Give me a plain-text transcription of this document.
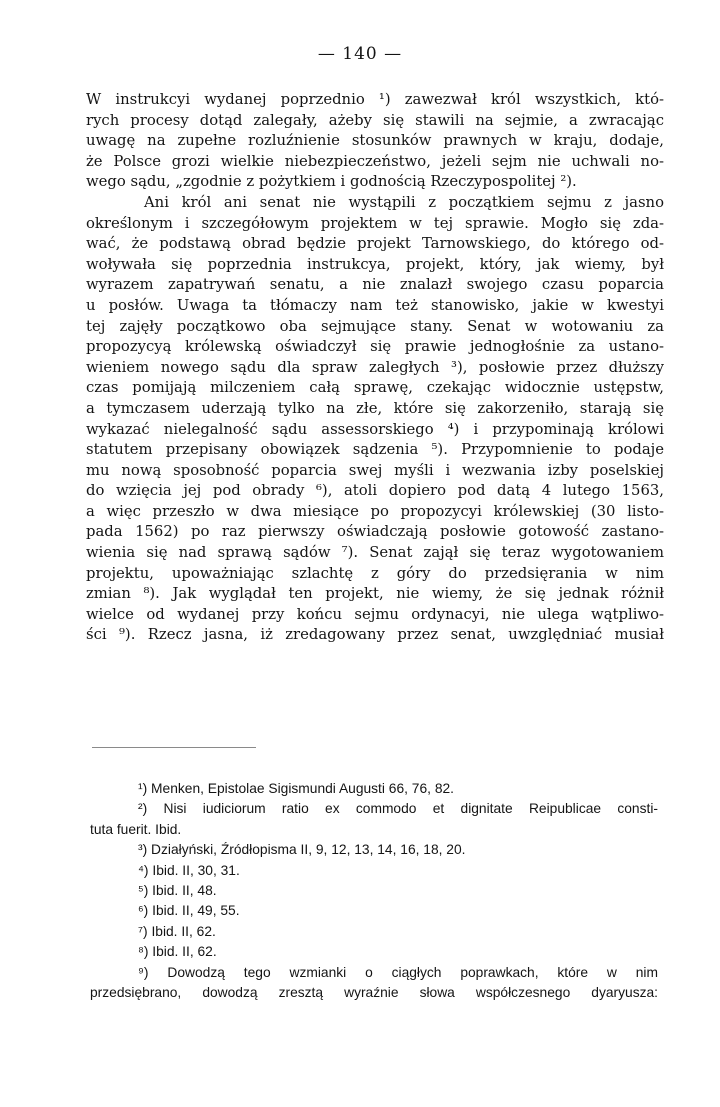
— 140 —
W instrukcyi wydanej poprzednio ¹) zawezwał król wszystkich, któ-
rych procesy dotąd zalegały, ażeby się stawili na sejmie, a zwracając
uwagę na zupełne rozluźnienie stosunków prawnych w kraju, dodaje,
że Polsce grozi wielkie niebezpieczeństwo, jeżeli sejm nie uchwali no-
wego sądu, „zgodnie z pożytkiem i godnością Rzeczypospolitej ²).
Ani król ani senat nie wystąpili z początkiem sejmu z jasno
określonym i szczegółowym projektem w tej sprawie. Mogło się zda-
wać, że podstawą obrad będzie projekt Tarnowskiego, do którego od-
woływała się poprzednia instrukcya, projekt, który, jak wiemy, był
wyrazem zapatrywań senatu, a nie znalazł swojego czasu poparcia
u posłów. Uwaga ta tłómaczy nam też stanowisko, jakie w kwestyi
tej zajęły początkowo oba sejmujące stany. Senat w wotowaniu za
propozycyą królewską oświadczył się prawie jednogłośnie za ustano-
wieniem nowego sądu dla spraw zaległych ³), posłowie przez dłuższy
czas pomijają milczeniem całą sprawę, czekając widocznie ustępstw,
a tymczasem uderzają tylko na złe, które się zakorzeniło, starają się
wykazać nielegalność sądu assessorskiego ⁴) i przypominają królowi
statutem przepisany obowiązek sądzenia ⁵). Przypomnienie to podaje
mu nową sposobność poparcia swej myśli i wezwania izby poselskiej
do wzięcia jej pod obrady ⁶), atoli dopiero pod datą 4 lutego 1563,
a więc przeszło w dwa miesiące po propozycyi królewskiej (30 listo-
pada 1562) po raz pierwszy oświadczają posłowie gotowość zastano-
wienia się nad sprawą sądów ⁷). Senat zajął się teraz wygotowaniem
projektu, upoważniając szlachtę z góry do przedsięrania w nim
zmian ⁸). Jak wyglądał ten projekt, nie wiemy, że się jednak różnił
wielce od wydanej przy końcu sejmu ordynacyi, nie ulega wątpliwo-
ści ⁹). Rzecz jasna, iż zredagowany przez senat, uwzględniać musiał
¹) Menken, Epistolae Sigismundi Augusti 66, 76, 82.
²) Nisi iudiciorum ratio ex commodo et dignitate Reipublicae consti-
tuta fuerit. Ibid.
³) Działyński, Źródłopisma II, 9, 12, 13, 14, 16, 18, 20.
⁴) Ibid. II, 30, 31.
⁵) Ibid. II, 48.
⁶) Ibid. II, 49, 55.
⁷) Ibid. II, 62.
⁸) Ibid. II, 62.
⁹) Dowodzą tego wzmianki o ciągłych poprawkach, które w nim
przedsiębrano, dowodzą zresztą wyraźnie słowa współczesnego dyaryusza:
